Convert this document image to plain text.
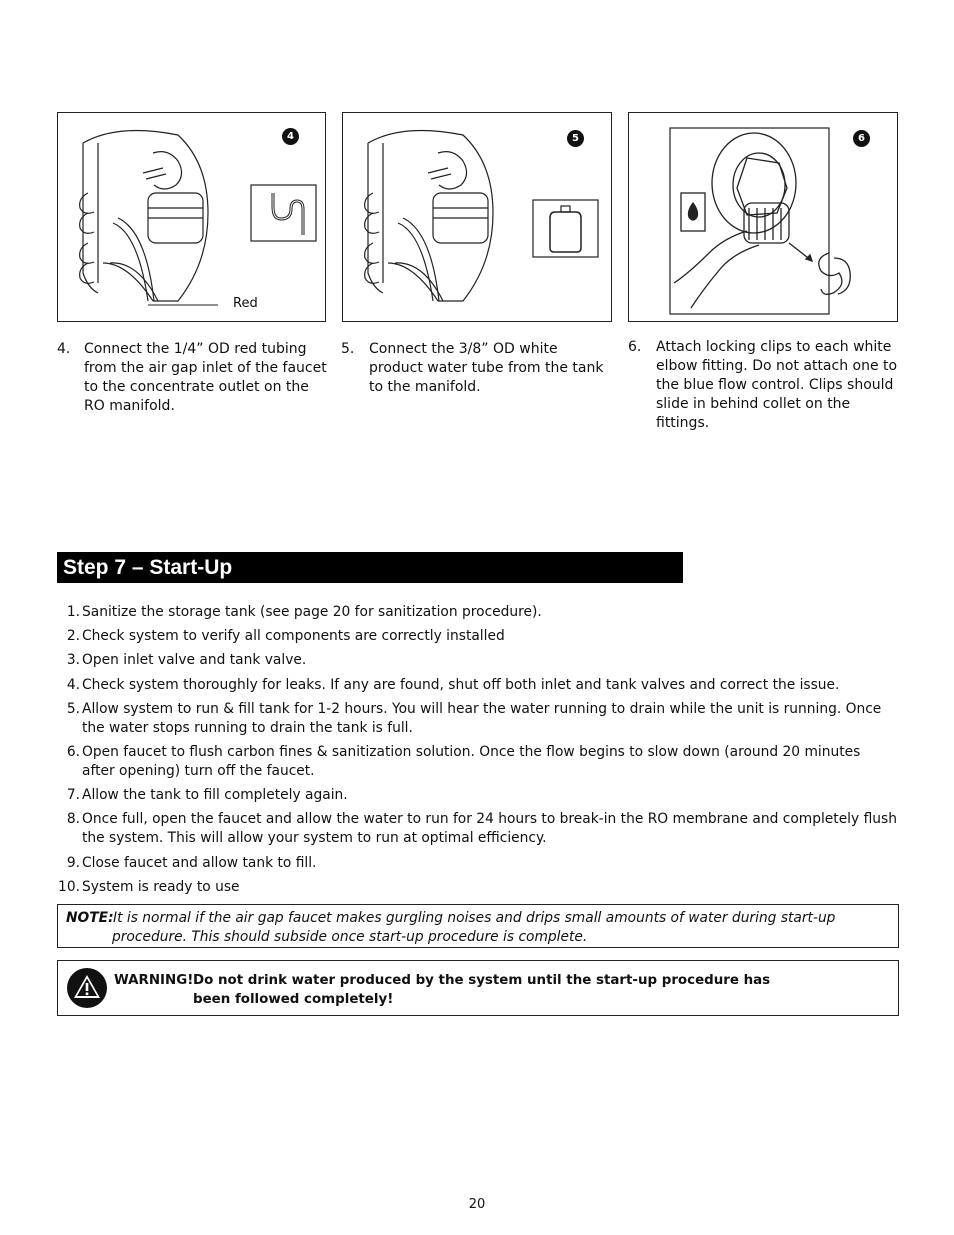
4
Red
5	6
4. Connect the 1/4” OD red tubing from the air gap inlet of the faucet to the concentrate outlet on the RO manifold.
5. Connect the 3/8” OD white product water tube from the tank to the manifold.
6. Attach locking clips to each white elbow fitting. Do not attach one to the blue flow control. Clips should slide in behind collet on the fittings.
Step 7 – Start-Up
1. Sanitize the storage tank (see page 20 for sanitization procedure).
2. Check system to verify all components are correctly installed
3. Open inlet valve and tank valve.
4. Check system thoroughly for leaks. If any are found, shut off both inlet and tank valves and correct the issue.
5. Allow system to run & fill tank for 1-2 hours. You will hear the water running to drain while the unit is running. Once the water stops running to drain the tank is full.
6. Open faucet to flush carbon fines & sanitization solution. Once the flow begins to slow down (around 20 minutes after opening) turn off the faucet.
7. Allow the tank to fill completely again.
8. Once full, open the faucet and allow the water to run for 24 hours to break-in the RO membrane and completely flush the system. This will allow your system to run at optimal efficiency.
9. Close faucet and allow tank to fill.
10. System is ready to use
NOTE: It is normal if the air gap faucet makes gurgling noises and drips small amounts of water during start-up procedure. This should subside once start-up procedure is complete.
WARNING! Do not drink water produced by the system until the start-up procedure has been followed completely!
20
